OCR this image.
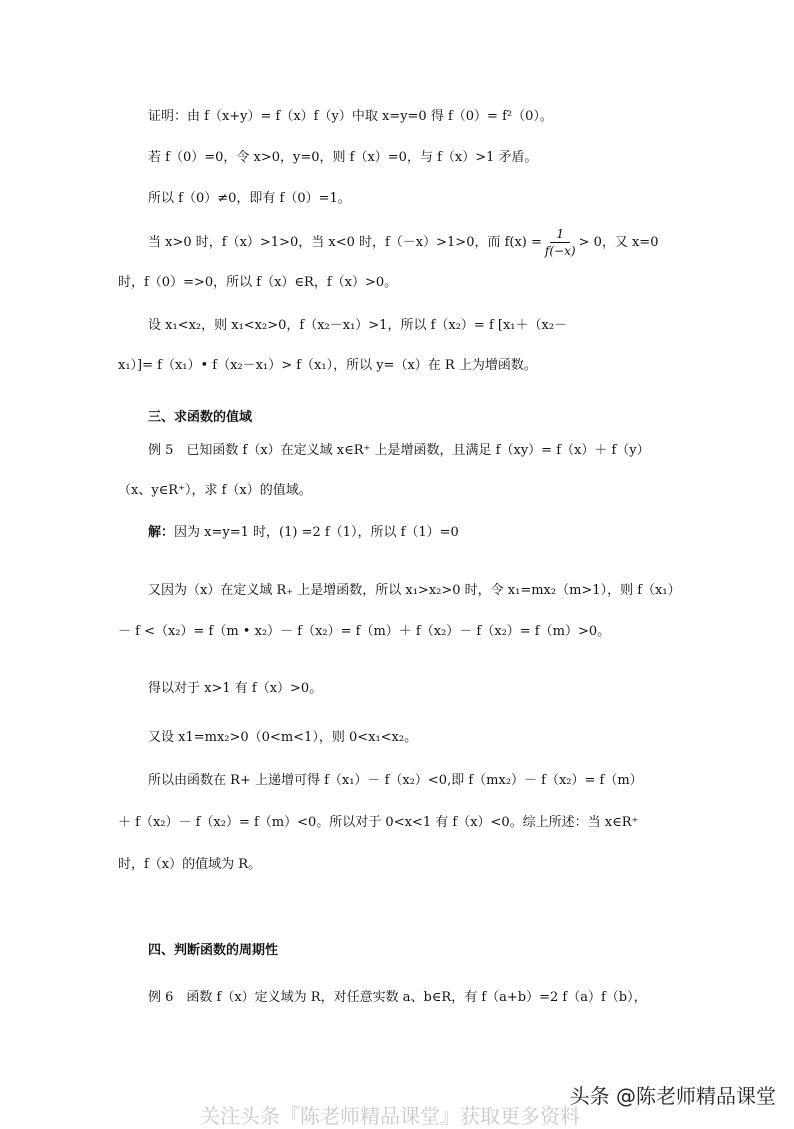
证明：由 f（x+y）= f（x）f（y）中取 x=y=0 得 f（0）= f²（0）。
若 f（0）=0，令 x>0，y=0，则 f（x）=0，与 f（x）>1 矛盾。
所以 f（0）≠0，即有 f（0）=1。
当 x>0 时，f（x）>1>0，当 x<0 时，f（－x）>1>0，而 $f(x) = \frac{1}{f(-x)} > 0$，又 x=0
时，f（0）=>0，所以 f（x）∈R，f（x）>0。
设 x₁<x₂，则 x₁<x₂>0，f（x₂－x₁）>1，所以 f（x₂）= f [x₁＋（x₂－
x₁）]= f（x₁）• f（x₂－x₁）> f（x₁），所以 y=（x）在 R 上为增函数。
三、求函数的值域
例 5　已知函数 f（x）在定义域 x∈R⁺ 上是增函数，且满足 f（xy）= f（x）＋ f（y）
（x、y∈R⁺），求 f（x）的值域。
解：因为 x=y=1 时，(1) =2 f（1），所以 f（1）=0
又因为（x）在定义域 R₊ 上是增函数，所以 x₁>x₂>0 时，令 x₁=mx₂（m>1），则 f（x₁）
－ f <（x₂）= f（m • x₂）－ f（x₂）= f（m）＋ f（x₂）－ f（x₂）= f（m）>0。
得以对于 x>1 有 f（x）>0。
又设 x1=mx₂>0（0<m<1），则 0<x₁<x₂。
所以由函数在 R+ 上递增可得 f（x₁）－ f（x₂）<0,即 f（mx₂）－ f（x₂）= f（m）
＋ f（x₂）－ f（x₂）= f（m）<0。所以对于 0<x<1 有 f（x）<0。综上所述：当 x∈R⁺
时，f（x）的值域为 R。
四、判断函数的周期性
例 6　函数 f（x）定义域为 R，对任意实数 a、b∈R，有 f（a+b）=2 f（a）f（b），
关注头条『陈老师精品课堂』获取更多资料
头条 @陈老师精品课堂
